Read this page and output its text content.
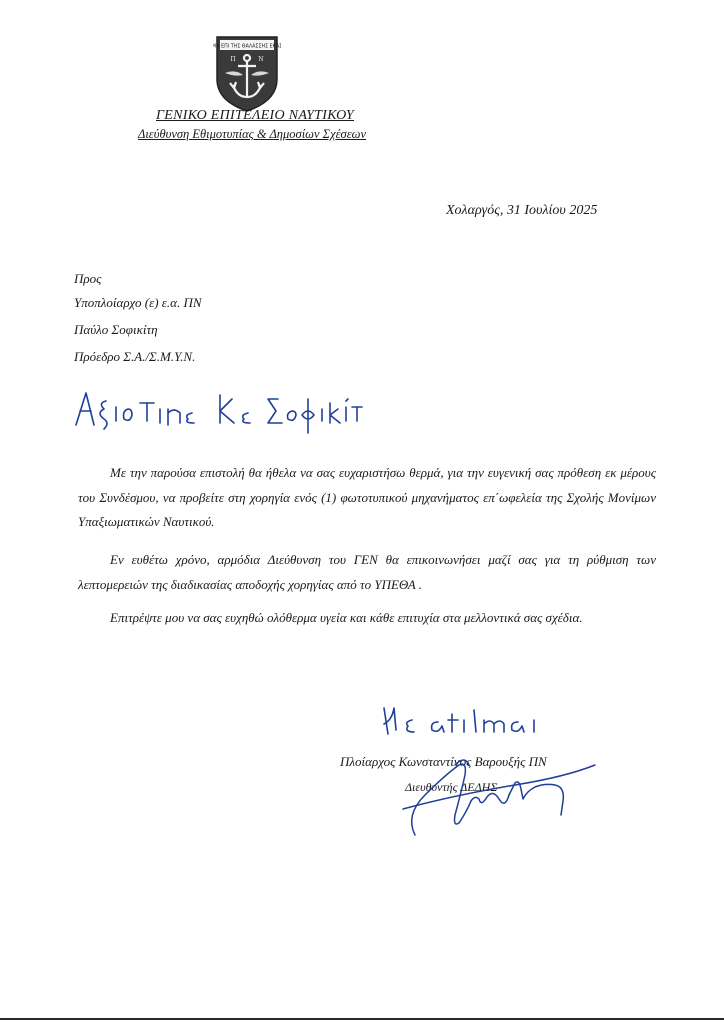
ΜΗ ΕΠΙ ΤΗΣ ΘΑΛΑΣΣΗΣ ΕΚΑΣ
Π	Ν
ΓΕΝΙΚΟ ΕΠΙΤΕΛΕΙΟ ΝΑΥΤΙΚΟΥ
Διεύθυνση Εθιμοτυπίας & Δημοσίων Σχέσεων
Χολαργός, 31 Ιουλίου 2025
Προς
Υποπλοίαρχο (ε) ε.α. ΠΝ
Παύλο Σοφικίτη
Πρόεδρο Σ.Α./Σ.Μ.Υ.Ν.

Με την παρούσα επιστολή θα ήθελα να σας ευχαριστήσω θερμά, για την ευγενική σας πρόθεση εκ μέρους του Συνδέσμου, να προβείτε στη χορηγία ενός (1) φωτοτυπικού μηχανήματος επ΄ωφελεία της Σχολής Μονίμων Υπαξιωματικών Ναυτικού.

Εν ευθέτω χρόνο, αρμόδια Διεύθυνση του ΓΕΝ θα επικοινωνήσει μαζί σας για τη ρύθμιση των λεπτομερειών της διαδικασίας αποδοχής χορηγίας από το ΥΠΕΘΑ .

Επιτρέψτε μου να σας ευχηθώ ολόθερμα υγεία και κάθε επιτυχία στα μελλοντικά σας σχέδια.

Πλοίαρχος Κωνσταντίνος Βαρουξής ΠΝ
Διευθυντής ΔΕΔΗΣ
